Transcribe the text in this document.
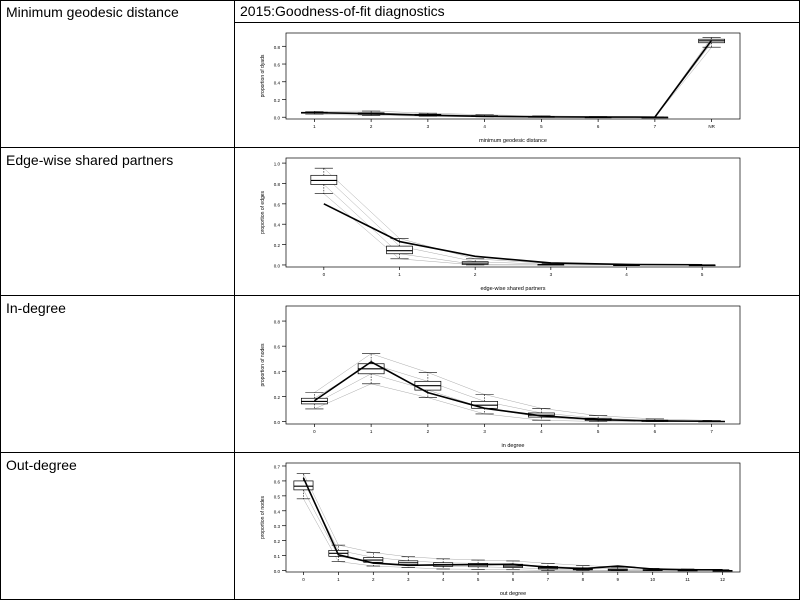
2015:Goodness-of-fit diagnostics
Minimum geodesic distance
Edge-wise shared partners
In-degree
Out-degree
0.0
0.2
0.4
0.6
0.8
proportion of dyads
1	2	3	4	5	6	7	NR
minimum geodesic distance
0.0
0.2
0.4
0.6
0.8
1.0
proportion of edges
0	1	2	3	4	5
edge-wise shared partners
0.0
0.2
0.4
0.6
0.8
proportion of nodes
0	1	2	3	4	5	6	7
in degree
0.0
0.1
0.2
0.3
0.4
0.5
0.6
0.7
proportion of nodes
0	1	2	3	4	5	6	7	8	9	10	11	12
out degree
